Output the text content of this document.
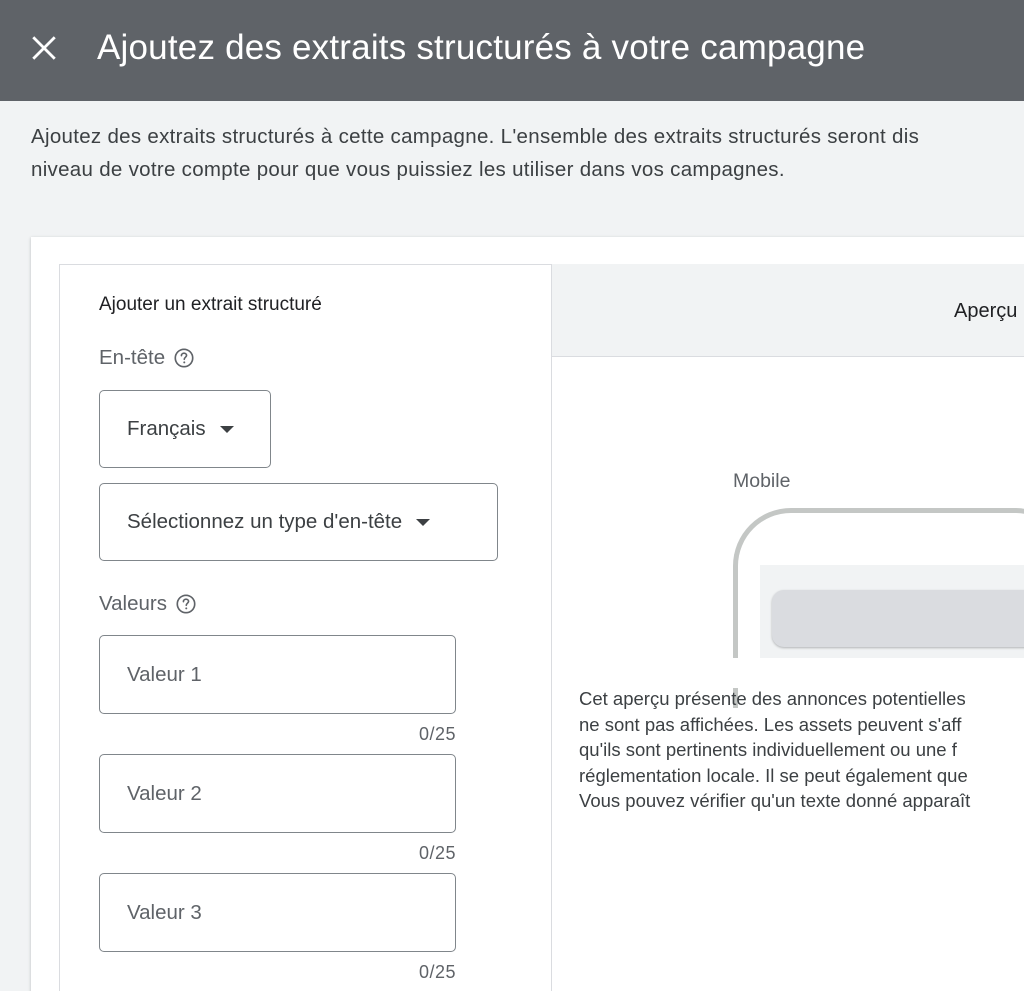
Ajoutez des extraits structurés à votre campagne

Ajoutez des extraits structurés à cette campagne. L'ensemble des extraits structurés seront dis

niveau de votre compte pour que vous puissiez les utiliser dans vos campagnes.

Ajouter un extrait structuré
En-tête
Français
Sélectionnez un type d'en-tête
Valeurs
Valeur 1
0/25
Valeur 2
0/25
Valeur 3
0/25
Aperçu
Mobile

Cet aperçu présente des annonces potentielles

ne sont pas affichées. Les assets peuvent s'aff

qu'ils sont pertinents individuellement ou une f

réglementation locale. Il se peut également que

Vous pouvez vérifier qu'un texte donné apparaît
